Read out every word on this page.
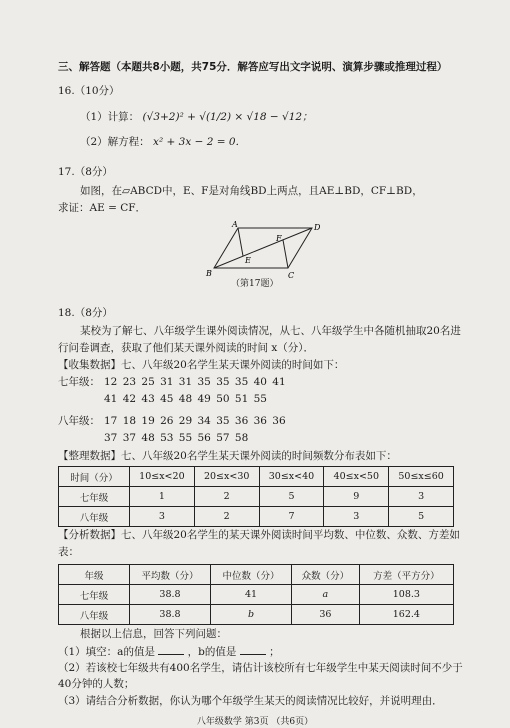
三、解答题（本题共8小题，共75分．解答应写出文字说明、演算步骤或推理过程）
16.（10分）
（1）计算： (√3+2)² + √(1/2) × √18 − √12；
（2）解方程： x² + 3x − 2 = 0．
17.（8分）
如图，在▱ABCD中，E、F是对角线BD上两点，且AE⊥BD，CF⊥BD，
求证：AE = CF．
A	D
B	C
E
F
（第17题）
18.（8分）
某校为了解七、八年级学生课外阅读情况，从七、八年级学生中各随机抽取20名进
行问卷调查，获取了他们某天课外阅读的时间 x（分）．
【收集数据】七、八年级20名学生某天课外阅读的时间如下：
七年级： 12 23 25 31 31 35 35 35 40 41
41 42 43 45 48 49 50 51 55
八年级： 17 18 19 26 29 34 35 36 36 36
37 37 48 53 55 56 57 58
【整理数据】七、八年级20名学生某天课外阅读的时间频数分布表如下：
时间（分）	10≤x<20	20≤x<30	30≤x<40	40≤x<50	50≤x≤60
七年级	1	2	5	9	3
八年级	3	2	7	3	5
【分析数据】七、八年级20名学生的某天课外阅读时间平均数、中位数、众数、方差如
表：
年级	平均数（分）	中位数（分）	众数（分）	方差（平方分）
七年级	38.8	41	a	108.3
八年级	38.8	b	36	162.4
根据以上信息，回答下列问题：
（1）填空：a的值是	，b的值是	；
（2）若该校七年级共有400名学生，请估计该校所有七年级学生中某天阅读时间不少于
40分钟的人数；
（3）请结合分析数据，你认为哪个年级学生某天的阅读情况比较好，并说明理由．
八年级数学 第3页 （共6页）
